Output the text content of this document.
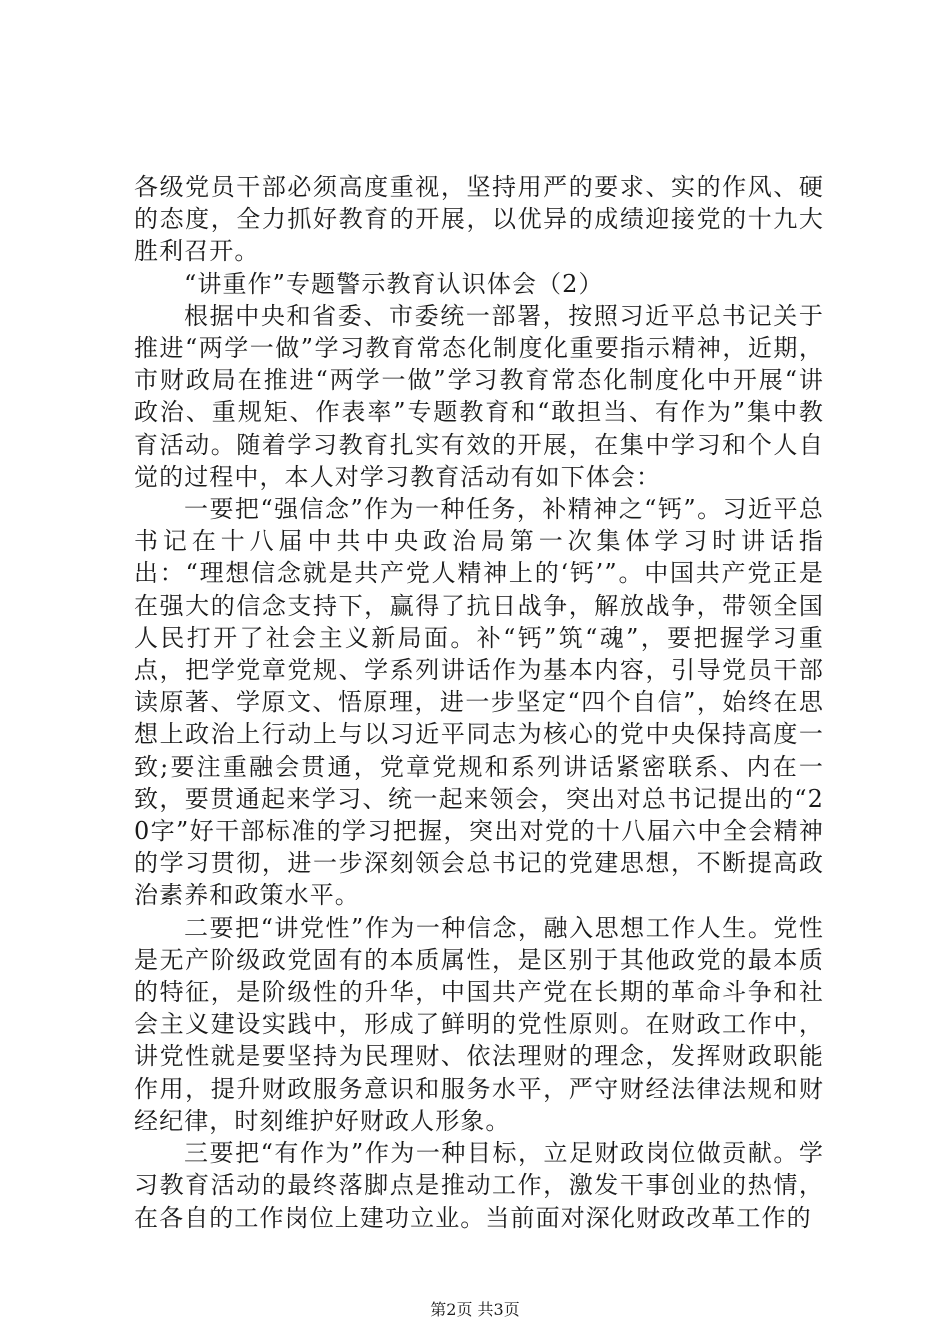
各级党员干部必须高度重视，坚持用严的要求、实的作风、硬的态度，全力抓好教育的开展，以优异的成绩迎接党的十九大胜利召开。

“讲重作”专题警示教育认识体会（2）

根据中央和省委、市委统一部署，按照习近平总书记关于推进“两学一做”学习教育常态化制度化重要指示精神，近期，市财政局在推进“两学一做”学习教育常态化制度化中开展“讲政治、重规矩、作表率”专题教育和“敢担当、有作为”集中教育活动。随着学习教育扎实有效的开展，在集中学习和个人自觉的过程中，本人对学习教育活动有如下体会：

一要把“强信念”作为一种任务，补精神之“钙”。习近平总书记在十八届中共中央政治局第一次集体学习时讲话指出：“理想信念就是共产党人精神上的‘钙’”。中国共产党正是在强大的信念支持下，赢得了抗日战争，解放战争，带领全国人民打开了社会主义新局面。补“钙”筑“魂”，要把握学习重点，把学党章党规、学系列讲话作为基本内容，引导党员干部读原著、学原文、悟原理，进一步坚定“四个自信”，始终在思想上政治上行动上与以习近平同志为核心的党中央保持高度一致;要注重融会贯通，党章党规和系列讲话紧密联系、内在一致，要贯通起来学习、统一起来领会，突出对总书记提出的“20字”好干部标准的学习把握，突出对党的十八届六中全会精神的学习贯彻，进一步深刻领会总书记的党建思想，不断提高政治素养和政策水平。

二要把“讲党性”作为一种信念，融入思想工作人生。党性是无产阶级政党固有的本质属性，是区别于其他政党的最本质的特征，是阶级性的升华，中国共产党在长期的革命斗争和社会主义建设实践中，形成了鲜明的党性原则。在财政工作中，讲党性就是要坚持为民理财、依法理财的理念，发挥财政职能作用，提升财政服务意识和服务水平，严守财经法律法规和财经纪律，时刻维护好财政人形象。

三要把“有作为”作为一种目标，立足财政岗位做贡献。学习教育活动的最终落脚点是推动工作，激发干事创业的热情，在各自的工作岗位上建功立业。当前面对深化财政改革工作的

第2页 共3页
